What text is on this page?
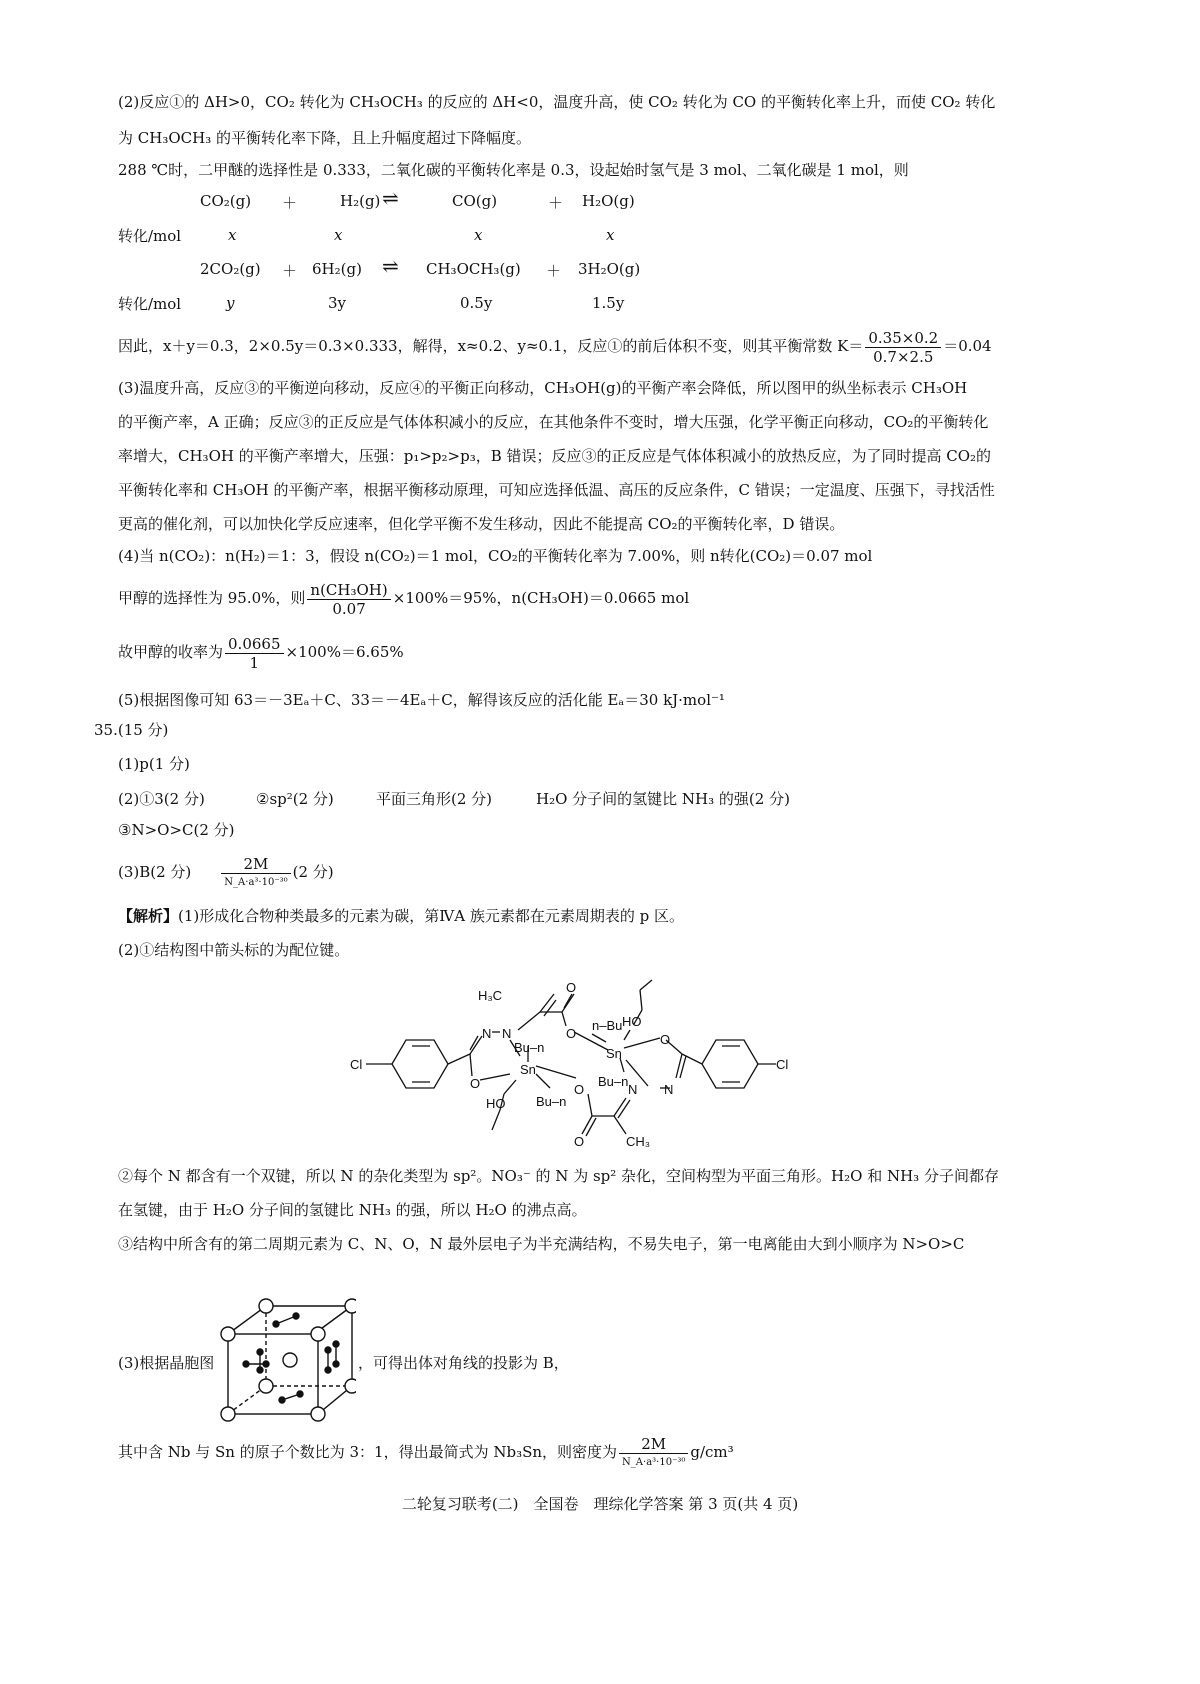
(2)反应①的 ΔH>0，CO₂ 转化为 CH₃OCH₃ 的反应的 ΔH<0，温度升高，使 CO₂ 转化为 CO 的平衡转化率上升，而使 CO₂ 转化
为 CH₃OCH₃ 的平衡转化率下降，且上升幅度超过下降幅度。
288 ℃时，二甲醚的选择性是 0.333，二氧化碳的平衡转化率是 0.3，设起始时氢气是 3 mol、二氧化碳是 1 mol，则
CO₂(g) ＋	H₂(g) ⇌	CO(g)	＋ H₂O(g)
转化/mol	x	x	x	x
2CO₂(g) ＋ 6H₂(g) ⇌ CH₃OCH₃(g) ＋ 3H₂O(g)
转化/mol	y	3y	0.5y	1.5y
因此，x＋y＝0.3，2×0.5y＝0.3×0.333，解得，x≈0.2、y≈0.1，反应①的前后体积不变，则其平衡常数 $K= \frac{0.35\times 0.2}{0.7\times 2.5} =0.04$
(3)温度升高，反应③的平衡逆向移动，反应④的平衡正向移动，CH₃OH(g)的平衡产率会降低，所以图甲的纵坐标表示 CH₃OH
的平衡产率，A 正确；反应③的正反应是气体体积减小的反应，在其他条件不变时，增大压强，化学平衡正向移动，CO₂的平衡转化
率增大，CH₃OH 的平衡产率增大，压强：p₁>p₂>p₃，B 错误；反应③的正反应是气体体积减小的放热反应，为了同时提高 CO₂的
平衡转化率和 CH₃OH 的平衡产率，根据平衡移动原理，可知应选择低温、高压的反应条件，C 错误；一定温度、压强下，寻找活性
更高的催化剂，可以加快化学反应速率，但化学平衡不发生移动，因此不能提高 CO₂的平衡转化率，D 错误。
(4)当 n(CO₂)：n(H₂)＝1：3，假设 n(CO₂)＝1 mol，CO₂的平衡转化率为 7.00%，则 n转化(CO₂)＝0.07 mol
甲醇的选择性为 95.0%，则 $\frac{\text{n(CH₃OH)}}{0.07} \times 100\%=95\%$，n(CH₃OH)＝0.0665 mol
故甲醇的收率为 $\frac{0.0665}{1} \times 100\%=6.65\%$
(5)根据图像可知 63＝－3Eₐ＋C、33＝－4Eₐ＋C，解得该反应的活化能 Eₐ＝30 kJ·mol⁻¹
35.(15 分)
(1)p(1 分)
(2)①3(2 分)	②sp²(2 分)	平面三角形(2 分)	H₂O 分子间的氢键比 NH₃ 的强(2 分)
③N>O>C(2 分)
(3)B(2 分)	2M
N_A·a³·10⁻³⁰
(2 分)
【解析】(1)形成化合物种类最多的元素为碳，第ⅣA 族元素都在元素周期表的 p 区。
(2)①结构图中箭头标的为配位键。
H₃C
O
N N
Bu–n
O
n–Bu HO
O
Sn
Sn
Bu–n
Bu–n
Cl	Cl
O
HO
O
O
N N
CH₃
②每个 N 都含有一个双键，所以 N 的杂化类型为 sp²。NO₃⁻ 的 N 为 sp² 杂化，空间构型为平面三角形。H₂O 和 NH₃ 分子间都存
在氢键，由于 H₂O 分子间的氢键比 NH₃ 的强，所以 H₂O 的沸点高。
③结构中所含有的第二周期元素为 C、N、O，N 最外层电子为半充满结构，不易失电子，第一电离能由大到小顺序为 N>O>C
(3)根据晶胞图	，可得出体对角线的投影为 B，
其中含 Nb 与 Sn 的原子个数比为 3：1，得出最简式为 Nb₃Sn，则密度为	2M
N_A·a³·10⁻³⁰
g/cm³
二轮复习联考(二)　全国卷　理综化学答案 第 3 页(共 4 页)
